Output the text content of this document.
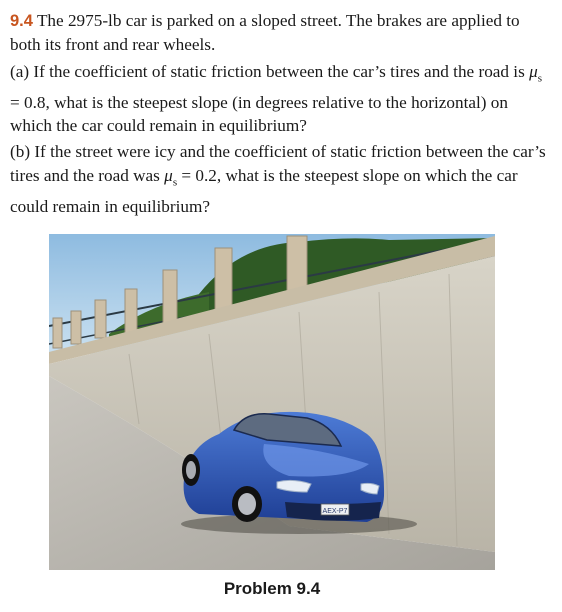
9.4 The 2975-lb car is parked on a sloped street. The brakes are applied to both its front and rear wheels.

(a) If the coefficient of static friction between the car’s tires and the road is $\mu_s = 0.8$, what is the steepest slope (in degrees relative to the horizontal) on which the car could remain in equilibrium?

(b) If the street were icy and the coefficient of static friction between the car’s tires and the road was $\mu_s = 0.2$, what is the steepest slope on which the car could remain in equilibrium?

AEX-P7
Problem 9.4
